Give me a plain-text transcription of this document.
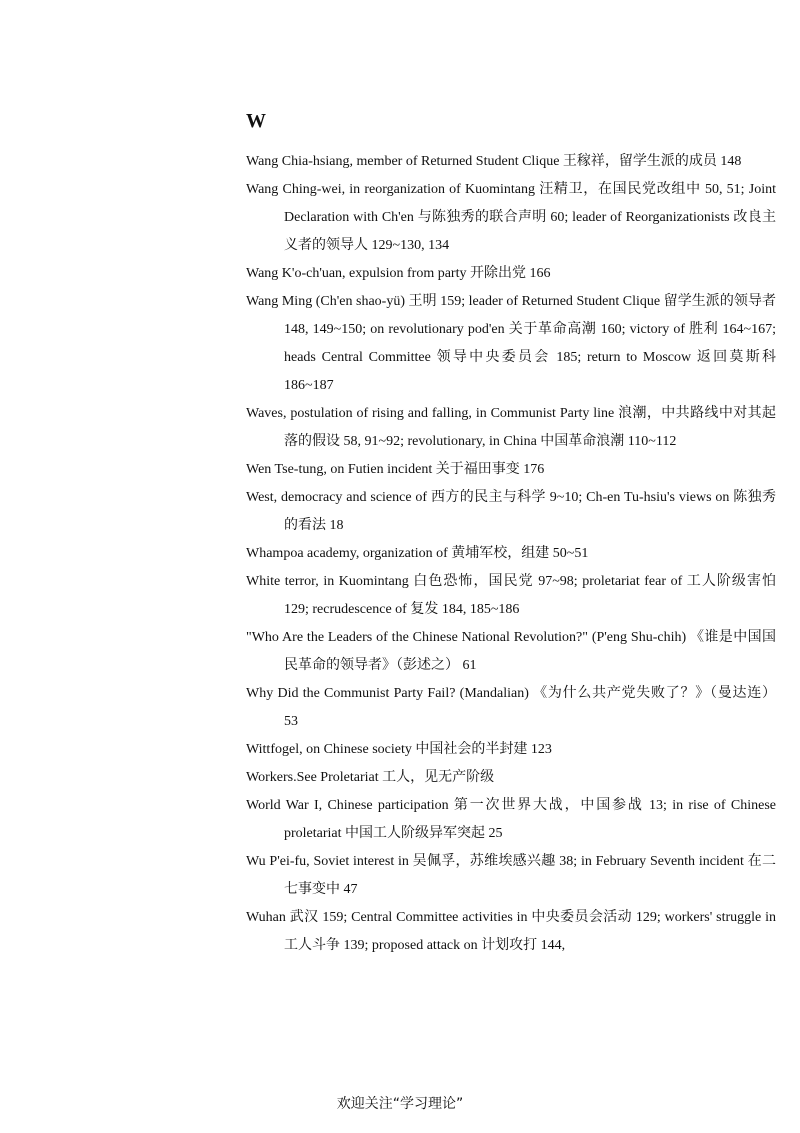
W

Wang Chia-hsiang, member of Returned Student Clique 王稼祥，留学生派的成员 148

Wang Ching-wei, in reorganization of Kuomintang 汪精卫，在国民党改组中 50, 51; Joint Declaration with Ch'en 与陈独秀的联合声明 60; leader of Reorganizationists 改良主义者的领导人 129~130, 134

Wang K'o-ch'uan, expulsion from party 开除出党 166

Wang Ming (Ch'en shao-yü) 王明 159; leader of Returned Student Clique 留学生派的领导者 148, 149~150; on revolutionary pod'en 关于革命高潮 160; victory of 胜利 164~167; heads Central Committee 领导中央委员会 185; return to Moscow 返回莫斯科 186~187

Waves, postulation of rising and falling, in Communist Party line 浪潮，中共路线中对其起落的假设 58, 91~92; revolutionary, in China 中国革命浪潮 110~112

Wen Tse-tung, on Futien incident 关于福田事变 176

West, democracy and science of 西方的民主与科学 9~10; Ch-en Tu-hsiu's views on 陈独秀的看法 18

Whampoa academy, organization of 黄埔军校，组建 50~51

White terror, in Kuomintang 白色恐怖，国民党 97~98; proletariat fear of 工人阶级害怕 129; recrudescence of 复发 184, 185~186

"Who Are the Leaders of the Chinese National Revolution?" (P'eng Shu-chih) 《谁是中国国民革命的领导者》（彭述之） 61

Why Did the Communist Party Fail? (Mandalian) 《为什么共产党失败了？》（曼达连） 53

Wittfogel, on Chinese society 中国社会的半封建 123

Workers.See Proletariat 工人，见无产阶级

World War I, Chinese participation 第一次世界大战，中国参战 13; in rise of Chinese proletariat 中国工人阶级异军突起 25

Wu P'ei-fu, Soviet interest in 吴佩孚，苏维埃感兴趣 38; in February Seventh incident 在二七事变中 47

Wuhan 武汉 159; Central Committee activities in 中央委员会活动 129; workers' struggle in 工人斗争 139; proposed attack on 计划攻打 144,

欢迎关注“学习理论”
